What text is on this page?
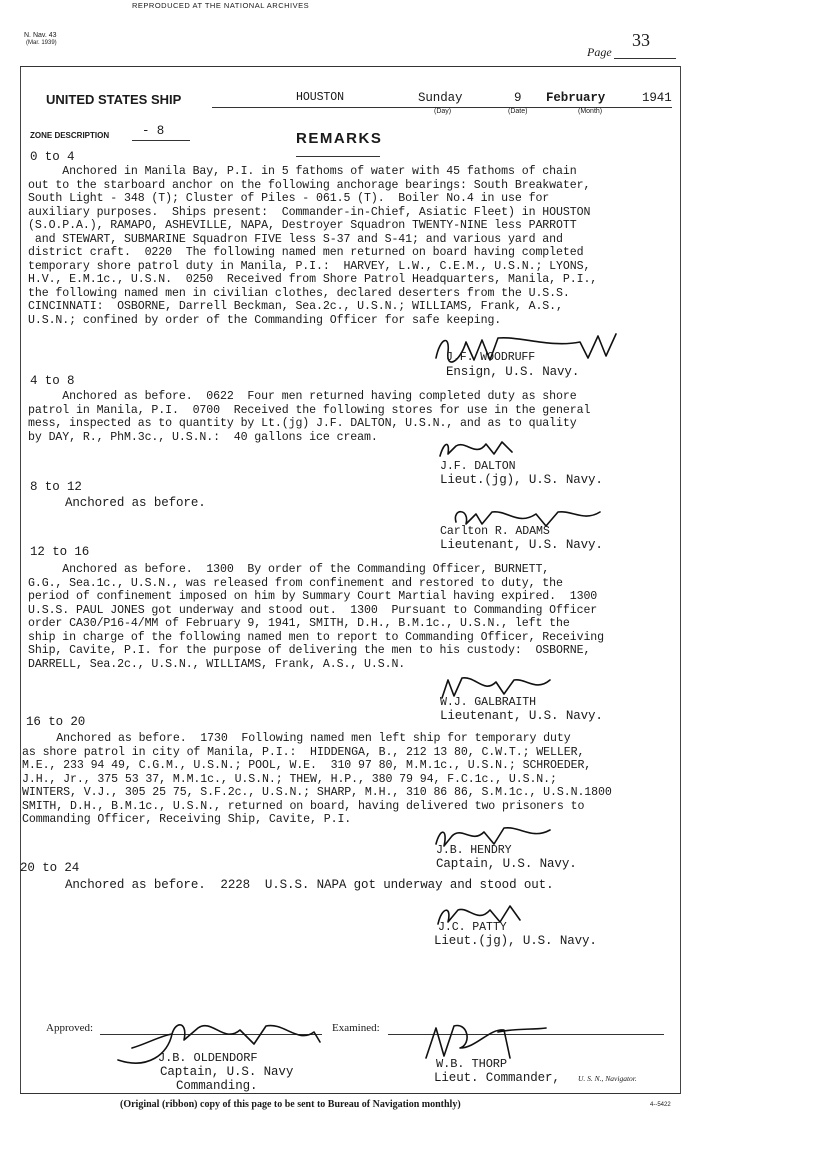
REPRODUCED AT THE NATIONAL ARCHIVES
N. Nav. 43
(Mar. 1939)
Page
33
UNITED STATES SHIP	HOUSTON	Sunday
(Day)
9
(Date)
February
(Month)
1941
ZONE DESCRIPTION	- 8	REMARKS
0 to 4
Anchored in Manila Bay, P.I. in 5 fathoms of water with 45 fathoms of chain
out to the starboard anchor on the following anchorage bearings: South Breakwater,
South Light - 348 (T); Cluster of Piles - 061.5 (T).  Boiler No.4 in use for
auxiliary purposes.  Ships present:  Commander-in-Chief, Asiatic Fleet) in HOUSTON
(S.O.P.A.), RAMAPO, ASHEVILLE, NAPA, Destroyer Squadron TWENTY-NINE less PARROTT
and STEWART, SUBMARINE Squadron FIVE less S-37 and S-41; and various yard and
district craft.  0220  The following named men returned on board having completed
temporary shore patrol duty in Manila, P.I.:  HARVEY, L.W., C.E.M., U.S.N.; LYONS,
H.V., E.M.1c., U.S.N.  0250  Received from Shore Patrol Headquarters, Manila, P.I.,
the following named men in civilian clothes, declared deserters from the U.S.S.
CINCINNATI:  OSBORNE, Darrell Beckman, Sea.2c., U.S.N.; WILLIAMS, Frank, A.S.,
U.S.N.; confined by order of the Commanding Officer for safe keeping.
J.F. WOODRUFF
Ensign, U.S. Navy.
4 to 8
Anchored as before.  0622  Four men returned having completed duty as shore
patrol in Manila, P.I.  0700  Received the following stores for use in the general
mess, inspected as to quantity by Lt.(jg) J.F. DALTON, U.S.N., and as to quality
by DAY, R., PhM.3c., U.S.N.:  40 gallons ice cream.
J.F. DALTON
Lieut.(jg), U.S. Navy.
8 to 12
Anchored as before.
Carlton R. ADAMS
Lieutenant, U.S. Navy.
12 to 16
Anchored as before.  1300  By order of the Commanding Officer, BURNETT,
G.G., Sea.1c., U.S.N., was released from confinement and restored to duty, the
period of confinement imposed on him by Summary Court Martial having expired.  1300
U.S.S. PAUL JONES got underway and stood out.  1300  Pursuant to Commanding Officer
order CA30/P16-4/MM of February 9, 1941, SMITH, D.H., B.M.1c., U.S.N., left the
ship in charge of the following named men to report to Commanding Officer, Receiving
Ship, Cavite, P.I. for the purpose of delivering the men to his custody:  OSBORNE,
DARRELL, Sea.2c., U.S.N., WILLIAMS, Frank, A.S., U.S.N.
W.J. GALBRAITH
Lieutenant, U.S. Navy.
16 to 20
Anchored as before.  1730  Following named men left ship for temporary duty
as shore patrol in city of Manila, P.I.:  HIDDENGA, B., 212 13 80, C.W.T.; WELLER,
M.E., 233 94 49, C.G.M., U.S.N.; POOL, W.E.  310 97 80, M.M.1c., U.S.N.; SCHROEDER,
J.H., Jr., 375 53 37, M.M.1c., U.S.N.; THEW, H.P., 380 79 94, F.C.1c., U.S.N.;
WINTERS, V.J., 305 25 75, S.F.2c., U.S.N.; SHARP, M.H., 310 86 86, S.M.1c., U.S.N.1800
SMITH, D.H., B.M.1c., U.S.N., returned on board, having delivered two prisoners to
Commanding Officer, Receiving Ship, Cavite, P.I.
J.B. HENDRY
Captain, U.S. Navy.
20 to 24
Anchored as before.  2228  U.S.S. NAPA got underway and stood out.
J.C. PATTY
Lieut.(jg), U.S. Navy.
Approved:
J.B. OLDENDORF
Captain, U.S. Navy
Commanding.
Examined:
W.B. THORP
Lieut. Commander, U. S. N., Navigator.
(Original (ribbon) copy of this page to be sent to Bureau of Navigation monthly)	4--5422
